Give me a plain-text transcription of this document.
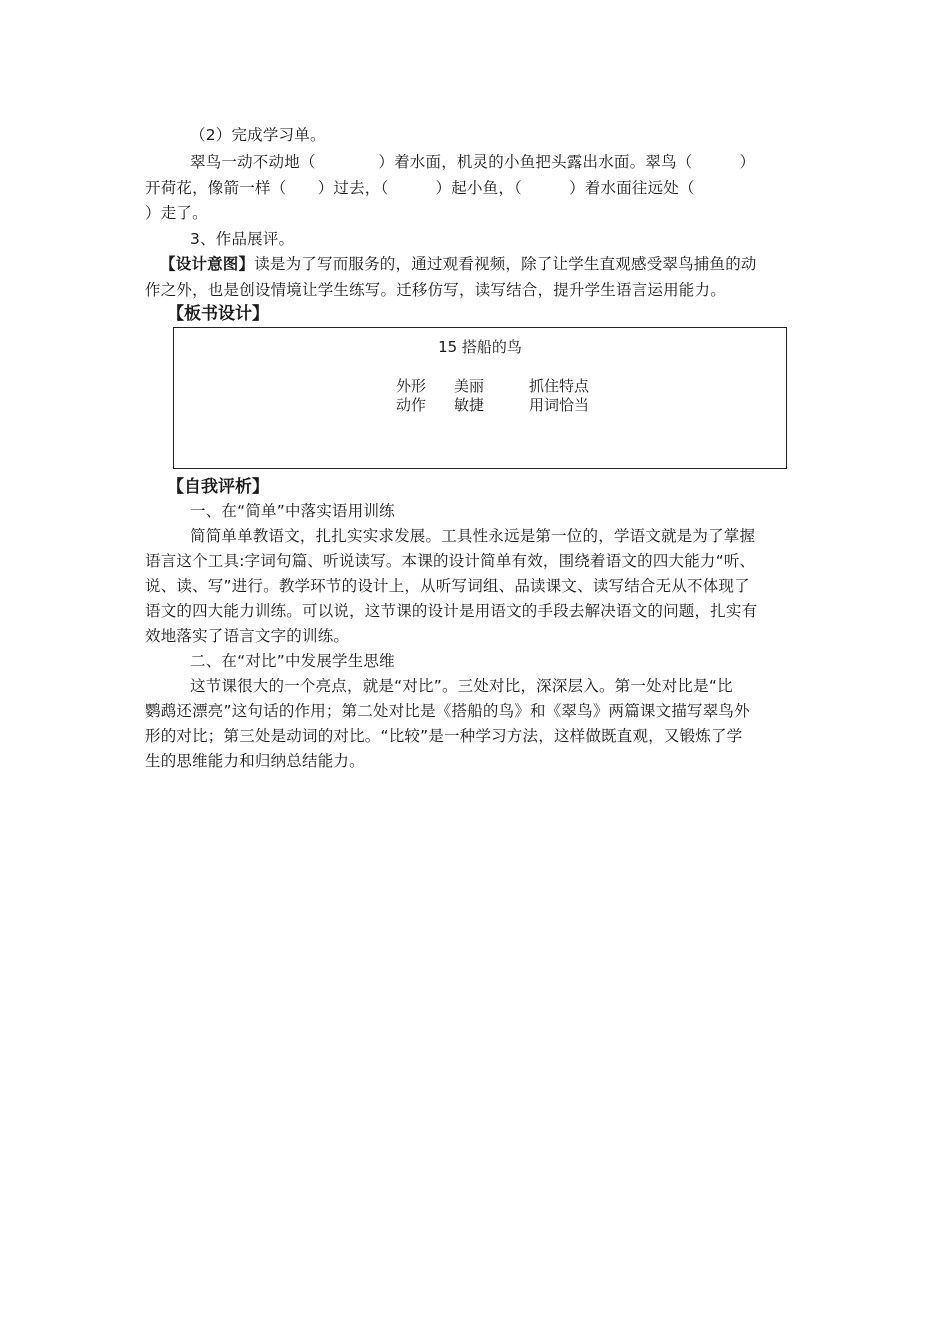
（2）完成学习单。
翠鸟一动不动地（　　　　）着水面，机灵的小鱼把头露出水面。翠鸟（　　　）
开荷花，像箭一样（　　）过去，（　　　）起小鱼，（　　　）着水面往远处（
）走了。
3、作品展评。
【设计意图】读是为了写而服务的，通过观看视频，除了让学生直观感受翠鸟捕鱼的动
作之外，也是创设情境让学生练写。迁移仿写，读写结合，提升学生语言运用能力。
【板书设计】
15 搭船的鸟
外形 美丽	抓住特点
动作 敏捷	用词恰当
【自我评析】
一、在“简单”中落实语用训练
简简单单教语文，扎扎实实求发展。工具性永远是第一位的，学语文就是为了掌握
语言这个工具:字词句篇、听说读写。本课的设计简单有效，围绕着语文的四大能力“听、
说、读、写”进行。教学环节的设计上，从听写词组、品读课文、读写结合无从不体现了
语文的四大能力训练。可以说，这节课的设计是用语文的手段去解决语文的问题，扎实有
效地落实了语言文字的训练。
二、在“对比”中发展学生思维
这节课很大的一个亮点，就是“对比”。三处对比，深深层入。第一处对比是“比
鹦鹉还漂亮”这句话的作用；第二处对比是《搭船的鸟》和《翠鸟》两篇课文描写翠鸟外
形的对比；第三处是动词的对比。“比较”是一种学习方法，这样做既直观，又锻炼了学
生的思维能力和归纳总结能力。
